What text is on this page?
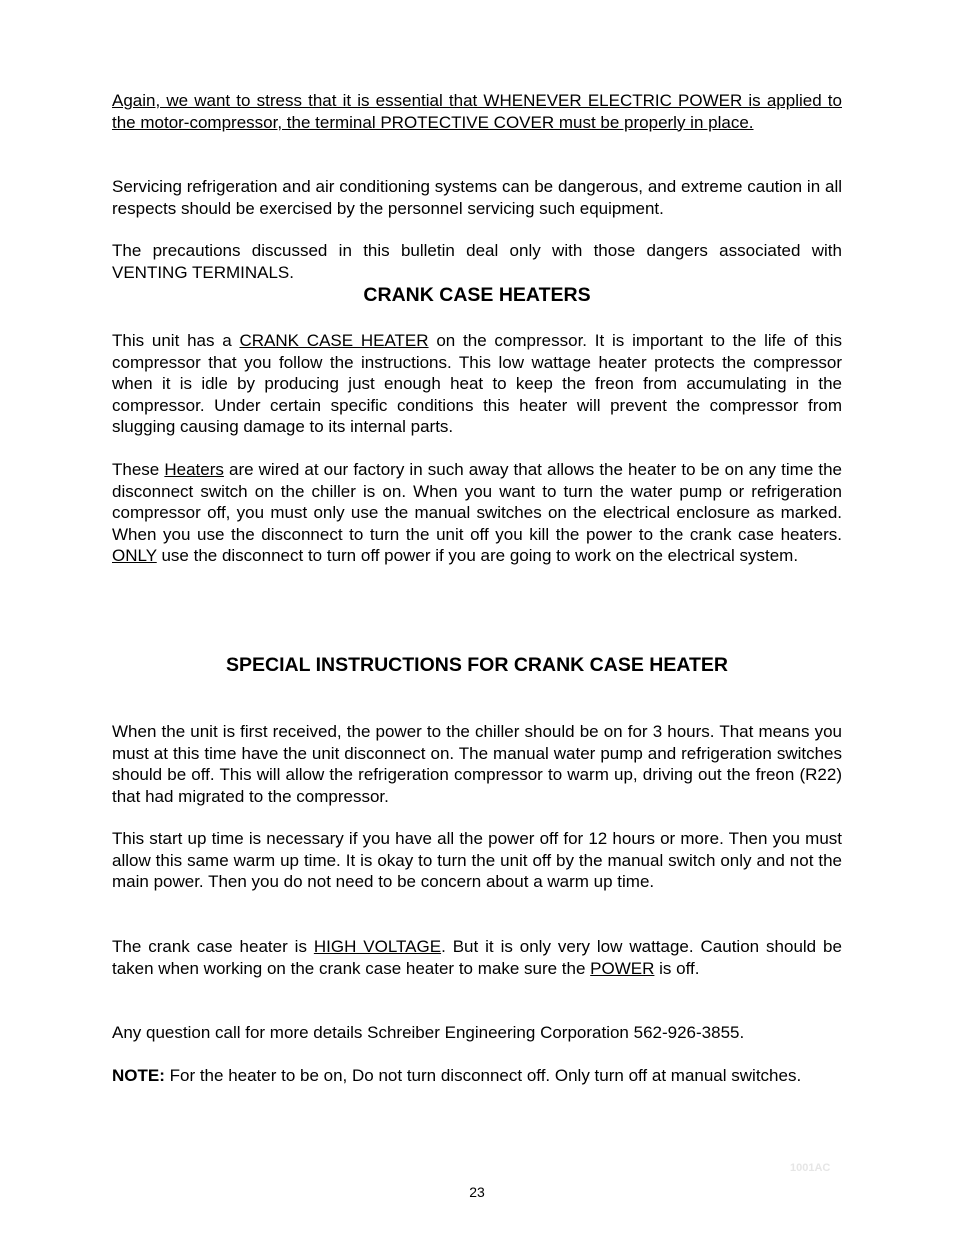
Again, we want to stress that it is essential that WHENEVER ELECTRIC POWER is applied to the motor-compressor, the terminal PROTECTIVE COVER must be properly in place.

Servicing refrigeration and air conditioning systems can be dangerous, and extreme caution in all respects should be exercised by the personnel servicing such equipment.

The precautions discussed in this bulletin deal only with those dangers associated with VENTING TERMINALS.

CRANK CASE HEATERS

This unit has a CRANK CASE HEATER on the compressor. It is important to the life of this compressor that you follow the instructions. This low wattage heater protects the compressor when it is idle by producing just enough heat to keep the freon from accumulating in the compressor. Under certain specific conditions this heater will prevent the compressor from slugging causing damage to its internal parts.

These Heaters are wired at our factory in such away that allows the heater to be on any time the disconnect switch on the chiller is on. When you want to turn the water pump or refrigeration compressor off, you must only use the manual switches on the electrical enclosure as marked. When you use the disconnect to turn the unit off you kill the power to the crank case heaters. ONLY use the disconnect to turn off power if you are going to work on the electrical system.

SPECIAL INSTRUCTIONS FOR CRANK CASE HEATER

When the unit is first received, the power to the chiller should be on for 3 hours. That means you must at this time have the unit disconnect on. The manual water pump and refrigeration switches should be off. This will allow the refrigeration compressor to warm up, driving out the freon (R22) that had migrated to the compressor.

This start up time is necessary if you have all the power off for 12 hours or more. Then you must allow this same warm up time. It is okay to turn the unit off by the manual switch only and not the main power. Then you do not need to be concern about a warm up time.

The crank case heater is HIGH VOLTAGE. But it is only very low wattage. Caution should be taken when working on the crank case heater to make sure the POWER is off.

Any question call for more details Schreiber Engineering Corporation 562-926-3855.

NOTE: For the heater to be on, Do not turn disconnect off. Only turn off at manual switches.

1001AC
23
